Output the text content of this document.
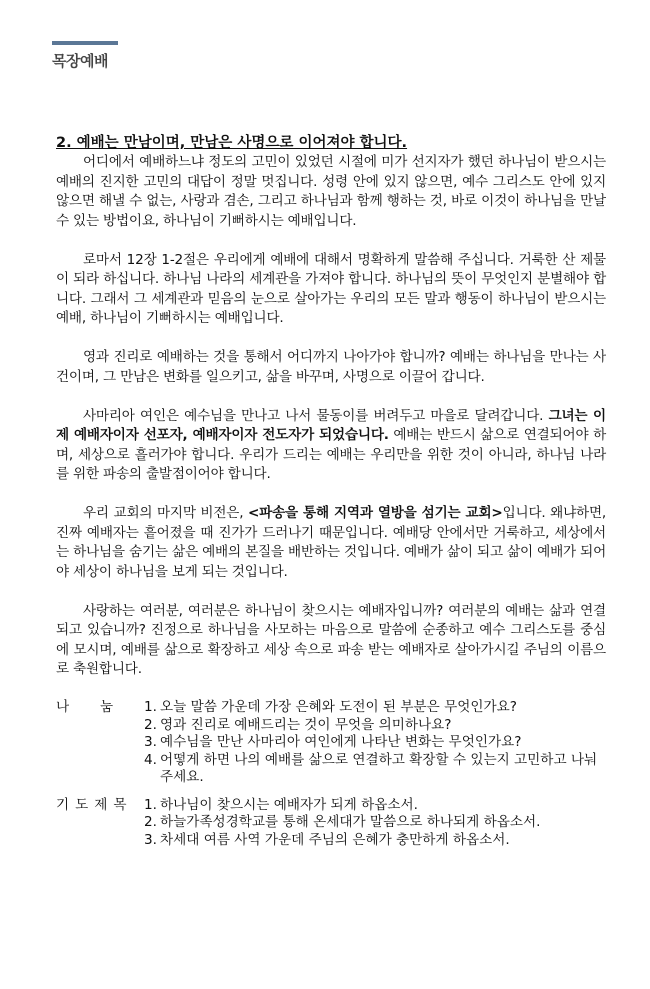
목장예배
2. 예배는 만남이며, 만남은 사명으로 이어져야 합니다.

어디에서 예배하느냐 정도의 고민이 있었던 시절에 미가 선지자가 했던 하나님이 받으시는 예배의 진지한 고민의 대답이 정말 멋집니다. 성령 안에 있지 않으면, 예수 그리스도 안에 있지 않으면 해낼 수 없는, 사랑과 겸손, 그리고 하나님과 함께 행하는 것, 바로 이것이 하나님을 만날 수 있는 방법이요, 하나님이 기뻐하시는 예배입니다.

로마서 12장 1-2절은 우리에게 예배에 대해서 명확하게 말씀해 주십니다. 거룩한 산 제물이 되라 하십니다. 하나님 나라의 세계관을 가져야 합니다. 하나님의 뜻이 무엇인지 분별해야 합니다. 그래서 그 세계관과 믿음의 눈으로 살아가는 우리의 모든 말과 행동이 하나님이 받으시는 예배, 하나님이 기뻐하시는 예배입니다.

영과 진리로 예배하는 것을 통해서 어디까지 나아가야 합니까? 예배는 하나님을 만나는 사건이며, 그 만남은 변화를 일으키고, 삶을 바꾸며, 사명으로 이끌어 갑니다.

사마리아 여인은 예수님을 만나고 나서 물동이를 버려두고 마을로 달려갑니다. 그녀는 이제 예배자이자 선포자, 예배자이자 전도자가 되었습니다. 예배는 반드시 삶으로 연결되어야 하며, 세상으로 흘러가야 합니다. 우리가 드리는 예배는 우리만을 위한 것이 아니라, 하나님 나라를 위한 파송의 출발점이어야 합니다.

우리 교회의 마지막 비전은, <파송을 통해 지역과 열방을 섬기는 교회>입니다. 왜냐하면, 진짜 예배자는 흩어졌을 때 진가가 드러나기 때문입니다. 예배당 안에서만 거룩하고, 세상에서는 하나님을 숨기는 삶은 예배의 본질을 배반하는 것입니다. 예배가 삶이 되고 삶이 예배가 되어야 세상이 하나님을 보게 되는 것입니다.

사랑하는 여러분, 여러분은 하나님이 찾으시는 예배자입니까? 여러분의 예배는 삶과 연결되고 있습니까? 진정으로 하나님을 사모하는 마음으로 말씀에 순종하고 예수 그리스도를 중심에 모시며, 예배를 삶으로 확장하고 세상 속으로 파송 받는 예배자로 살아가시길 주님의 이름으로 축원합니다.

나 눔 1. 오늘 말씀 가운데 가장 은혜와 도전이 된 부분은 무엇인가요?
2. 영과 진리로 예배드리는 것이 무엇을 의미하나요?
3. 예수님을 만난 사마리아 여인에게 나타난 변화는 무엇인가요?
4. 어떻게 하면 나의 예배를 삶으로 연결하고 확장할 수 있는지 고민하고 나눠주세요.
기도제목 1. 하나님이 찾으시는 예배자가 되게 하옵소서.
2. 하늘가족성경학교를 통해 온세대가 말씀으로 하나되게 하옵소서.
3. 차세대 여름 사역 가운데 주님의 은혜가 충만하게 하옵소서.
